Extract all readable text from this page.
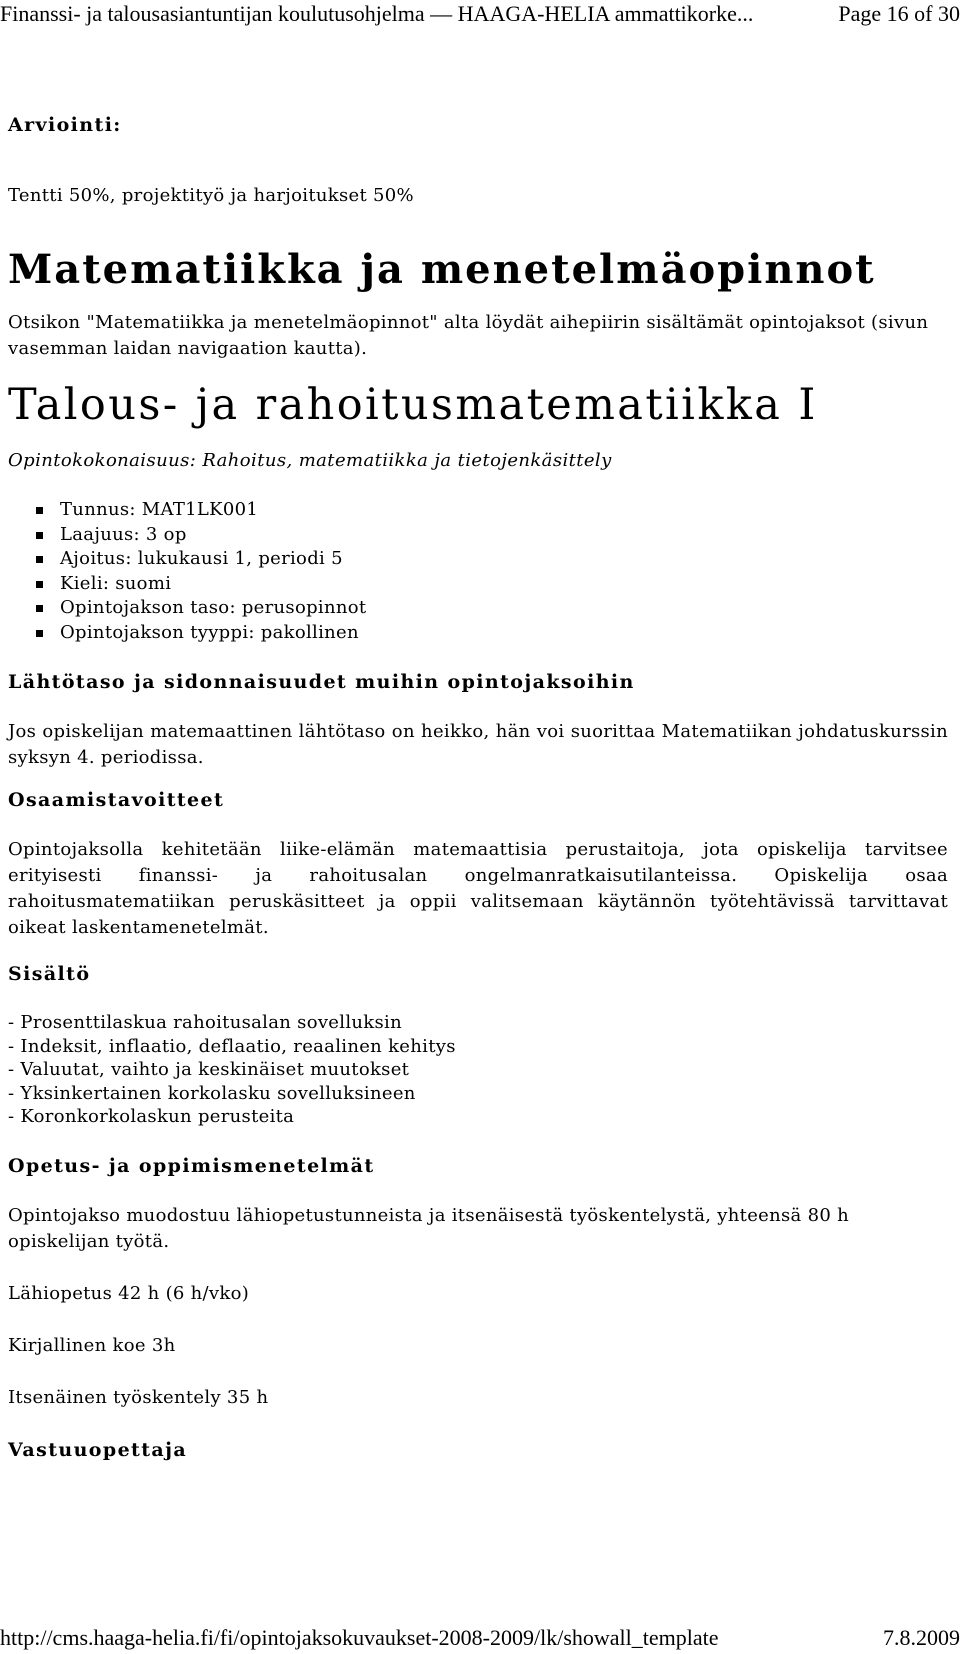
Finanssi- ja talousasiantuntijan koulutusohjelma — HAAGA-HELIA ammattikorke...	Page 16 of 30

Arviointi:

Tentti 50%, projektityö ja harjoitukset 50%

Matematiikka ja menetelmäopinnot

Otsikon "Matematiikka ja menetelmäopinnot" alta löydät aihepiirin sisältämät opintojaksot (sivun vasemman laidan navigaation kautta).

Talous- ja rahoitusmatematiikka I

Opintokokonaisuus: Rahoitus, matematiikka ja tietojenkäsittely

Tunnus: MAT1LK001
Laajuus: 3 op
Ajoitus: lukukausi 1, periodi 5
Kieli: suomi
Opintojakson taso: perusopinnot
Opintojakson tyyppi: pakollinen
Lähtötaso ja sidonnaisuudet muihin opintojaksoihin

Jos opiskelijan matemaattinen lähtötaso on heikko, hän voi suorittaa Matematiikan johdatuskurssin syksyn 4. periodissa.

Osaamistavoitteet

Opintojaksolla kehitetään liike-elämän matemaattisia perustaitoja, jota opiskelija tarvitsee erityisesti finanssi- ja rahoitusalan ongelmanratkaisutilanteissa. Opiskelija osaa rahoitusmatematiikan peruskäsitteet ja oppii valitsemaan käytännön työtehtävissä tarvittavat oikeat laskentamenetelmät.

Sisältö
- Prosenttilaskua rahoitusalan sovelluksin
- Indeksit, inflaatio, deflaatio, reaalinen kehitys
- Valuutat, vaihto ja keskinäiset muutokset
- Yksinkertainen korkolasku sovelluksineen
- Koronkorkolaskun perusteita
Opetus- ja oppimismenetelmät

Opintojakso muodostuu lähiopetustunneista ja itsenäisestä työskentelystä, yhteensä 80 h opiskelijan työtä.

Lähiopetus 42 h (6 h/vko)

Kirjallinen koe 3h

Itsenäinen työskentely 35 h

Vastuuopettaja
http://cms.haaga-helia.fi/fi/opintojaksokuvaukset-2008-2009/lk/showall_template	7.8.2009
